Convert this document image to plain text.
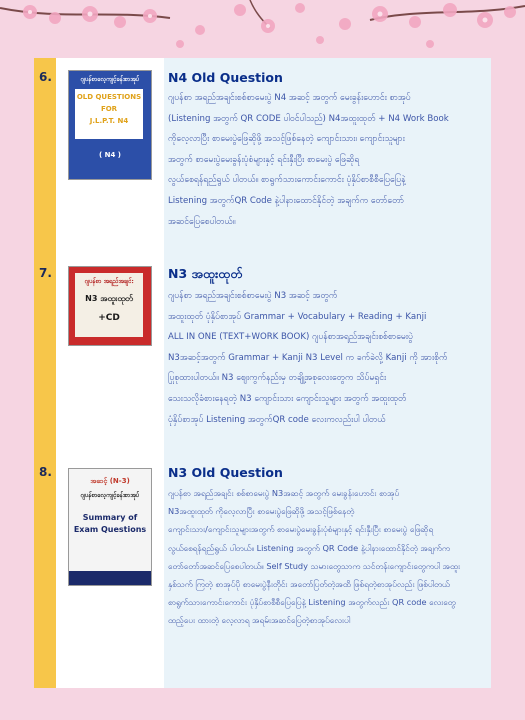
6.	ဂျပန်စာလေ့ကျင့်ခန်းစာအုပ်
OLD QUESTIONS
FOR
J.L.P.T. N4
( N4 )
N4 Old Question
ဂျပန်စာ အရည်အချင်းစစ်စာမေးပွဲ N4 အဆင့် အတွက် မေးခွန်းဟောင်း စာအုပ်
(Listening အတွက် QR CODE ပါဝင်ပါသည်) N4အထူးထုတ် + N4 Work Book
ကိုလေ့လာပြီး စာမေးပွဲဖြေဆိုဖို့ အသင့်ဖြစ်နေတဲ့ ကျောင်းသား၊ ကျောင်းသူများ
အတွက် စာမေးပွဲမေးခွန်းပုံစံများနှင့် ရင်းနှီးပြီး စာမေးပွဲ ဖြေဆိုရ
လွယ်စေရန်ရည်ရွယ် ပါတယ်။ စာရွက်သားကောင်းကောင်း ပုံနှိပ်စာစီစီပြေပြေနဲ့
Listening အတွက်QR Code နဲ့ပါနားထောင်နိုင်တဲ့ အချက်က တော်တော်
အဆင်ပြေစေပါတယ်။
7.
ဂျပန်စာ အရည်အချင်း
N3 အထူးထုတ်
+CD
N3 အထူးထုတ်
ဂျပန်စာ အရည်အချင်းစစ်စာမေးပွဲ N3 အဆင့် အတွက်
အထူးထုတ် ပုံနှိပ်စာအုပ် Grammar + Vocabulary + Reading + Kanji
ALL IN ONE (TEXT+WORK BOOK) ဂျပန်စာအရည်အချင်းစစ်စာမေးပွဲ
N3အဆင့်အတွက် Grammar + Kanji N3 Level က ခက်ခဲလို့ Kanji ကို အားစိုက်
ပြုစုထားပါတယ်။ N3 ဈေးကွက်နည်းမှ တချို့အစုလေးတွေက သိပ်မရှင်း
သေးသလိုခံစားနေရတဲ့ N3 ကျောင်းသား ကျောင်းသူများ အတွက် အထူးထုတ်
ပုံနှိပ်စာအုပ် Listening အတွက်QR code လေးကလည်းပါ ပါတယ်
8.
အဆင့် (N-3)
ဂျပန်စာလေ့ကျင့်ခန်းစာအုပ်
Summary of
Exam Questions
N3 Old Question
ဂျပန်စာ အရည်အချင်း စစ်စာမေးပွဲ N3အဆင့် အတွက် မေးခွန်းဟောင်း စာအုပ်
N3အထူးထုတ် ကိုလေ့လာပြီး စာမေးပွဲဖြေဆိုဖို့ အသင့်ဖြစ်နေတဲ့
ကျောင်းသား/ကျောင်းသူများအတွက် စာမေးပွဲမေးခွန်းပုံစံများနှင့် ရင်းနှီးပြီး စာမေးပွဲ ဖြေဆိုရ
လွယ်စေရန်ရည်ရွယ် ပါတယ်။ Listening အတွက် QR Code နဲ့ပါနားထောင်နိုင်တဲ့ အချက်က
တော်တော်အဆင်ပြေစေပါတယ်။ Self Study သမားတွေသာက သင်တန်းကျောင်းတွေကပါ အထူး
နှစ်သက် ကြတဲ့ စာအုပ်ပို စာမေးပွဲနီးတိုင်း အတော်ပြတ်တဲ့အထိ ဖြစ်ရတဲ့စာအုပ်လည်း ဖြစ်ပါတယ်
စာရွက်သားကောင်းကောင်း ပုံနှိပ်စာစီစီပြေပြေနဲ့ Listening အတွက်လည်း QR code လေးတွေ
ထည့်ပေး ထားတဲ့ လေ့လာရ အရမ်းအဆင်ပြေတဲ့စာအုပ်လေးပါ
